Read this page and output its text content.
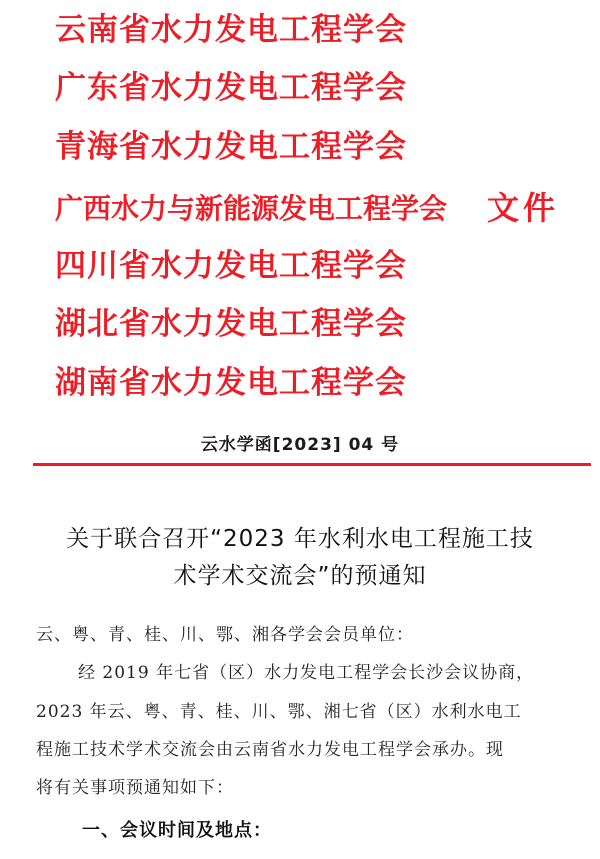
云南省水力发电工程学会
广东省水力发电工程学会
青海省水力发电工程学会
广西水力与新能源发电工程学会
四川省水力发电工程学会
湖北省水力发电工程学会
湖南省水力发电工程学会
文件
云水学函[2023] 04 号
关于联合召开“2023 年水利水电工程施工技
术学术交流会”的预通知
云、粤、青、桂、川、鄂、湘各学会会员单位：
经 2019 年七省（区）水力发电工程学会长沙会议协商，
2023 年云、粤、青、桂、川、鄂、湘七省（区）水利水电工
程施工技术学术交流会由云南省水力发电工程学会承办。现
将有关事项预通知如下：
一、会议时间及地点：
